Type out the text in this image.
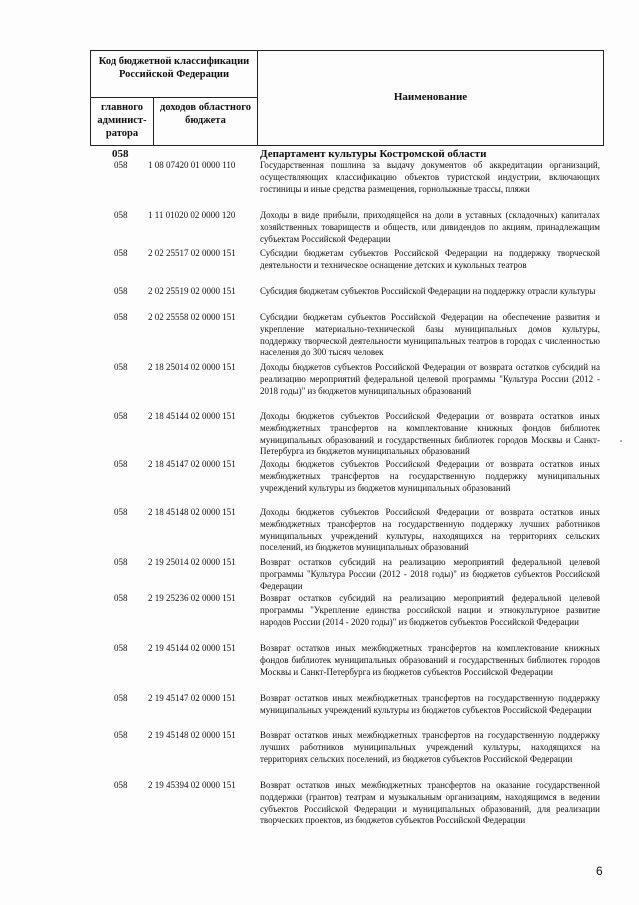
Код бюджетной классификации Российской Федерации
главного админист- ратора
доходов областного бюджета
Наименование
058	Департамент культуры Костромской области
058 1 08 07420 01 0000 110	Государственная пошлина за выдачу документов об аккредитации организаций, осуществляющих классификацию объектов туристской индустрии, включающих гостиницы и иные средства размещения, горнолыжные трассы, пляжи
058 1 11 01020 02 0000 120	Доходы в виде прибыли, приходящейся на доли в уставных (складочных) капиталах хозяйственных товариществ и обществ, или дивидендов по акциям, принадлежащим субъектам Российской Федерации
058 2 02 25517 02 0000 151	Субсидии бюджетам субъектов Российской Федерации на поддержку творческой деятельности и техническое оснащение детских и кукольных театров
058 2 02 25519 02 0000 151	Субсидия бюджетам субъектов Российской Федерации на поддержку отрасли культуры
058 2 02 25558 02 0000 151	Субсидии бюджетам субъектов Российской Федерации на обеспечение развития и укрепление материально-технической базы муниципальных домов культуры, поддержку творческой деятельности муниципальных театров в городах с численностью населения до 300 тысяч человек
058 2 18 25014 02 0000 151	Доходы бюджетов субъектов Российской Федерации от возврата остатков субсидий на реализацию мероприятий федеральной целевой программы "Культура России (2012 - 2018 годы)" из бюджетов муниципальных образований
058 2 18 45144 02 0000 151	Доходы бюджетов субъектов Российской Федерации от возврата остатков иных межбюджетных трансфертов на комплектование книжных фондов библиотек муниципальных образований и государственных библиотек городов Москвы и Санкт-Петербурга из бюджетов муниципальных образований
058 2 18 45147 02 0000 151	Доходы бюджетов субъектов Российской Федерации от возврата остатков иных межбюджетных трансфертов на государственную поддержку муниципальных учреждений культуры из бюджетов муниципальных образований
058 2 18 45148 02 0000 151	Доходы бюджетов субъектов Российской Федерации от возврата остатков иных межбюджетных трансфертов на государственную поддержку лучших работников муниципальных учреждений культуры, находящихся на территориях сельских поселений, из бюджетов муниципальных образований
058 2 19 25014 02 0000 151	Возврат остатков субсидий на реализацию мероприятий федеральной целевой программы "Культура России (2012 - 2018 годы)" из бюджетов субъектов Российской Федерации
058 2 19 25236 02 0000 151	Возврат остатков субсидий на реализацию мероприятий федеральной целевой программы "Укрепление единства российской нации и этнокультурное развитие народов России (2014 - 2020 годы)" из бюджетов субъектов Российской Федерации
058 2 19 45144 02 0000 151	Возврат остатков иных межбюджетных трансфертов на комплектование книжных фондов библиотек муниципальных образований и государственных библиотек городов Москвы и Санкт-Петербурга из бюджетов субъектов Российской Федерации
058 2 19 45147 02 0000 151	Возврат остатков иных межбюджетных трансфертов на государственную поддержку муниципальных учреждений культуры из бюджетов субъектов Российской Федерации
058 2 19 45148 02 0000 151	Возврат остатков иных межбюджетных трансфертов на государственную поддержку лучших работников муниципальных учреждений культуры, находящихся на территориях сельских поселений, из бюджетов субъектов Российской Федерации
058 2 19 45394 02 0000 151	Возврат остатков иных межбюджетных трансфертов на оказание государственной поддержки (грантов) театрам и музыкальным организациям, находящимся в ведении субъектов Российской Федерации и муниципальных образований, для реализации творческих проектов, из бюджетов субъектов Российской Федерации
6
